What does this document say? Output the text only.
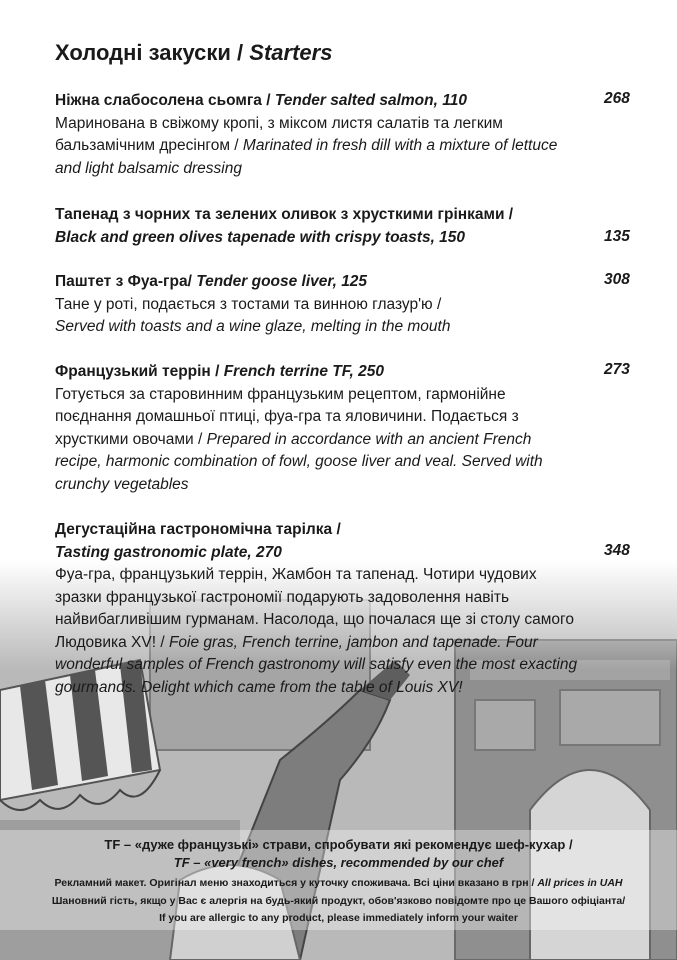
Холодні закуски / Starters
Ніжна слабосолена сьомга / Tender salted salmon, 110
Маринована в свіжому кропі, з міксом листя салатів та легким бальзамічним дресінгом / Marinated in fresh dill with a mixture of lettuce and light balsamic dressing
268
Тапенад з чорних та зелених оливок з хрусткими грінками /
Black and green olives tapenade with crispy toasts, 150	135
Паштет з Фуа-гра/ Tender goose liver, 125
Тане у роті, подається з тостами та винною глазур'ю /
Served with toasts and a wine glaze, melting in the mouth
308
Французький террін / French terrine TF, 250
Готується за старовинним французьким рецептом, гармонійне поєднання домашньої птиці, фуа-гра та яловичини. Подається з хрусткими овочами / Prepared in accordance with an ancient French recipe, harmonic combination of fowl, goose liver and veal. Served with crunchy vegetables
273
Дегустаційна гастрономічна тарілка /
Tasting gastronomic plate, 270
Фуа-гра, французький террін, Жамбон та тапенад. Чотири чудових зразки французької гастрономії подарують задоволення навіть найвибагливішим гурманам. Насолода, що почалася ще зі столу самого Людовика XV! / Foie gras, French terrine, jambon and tapenade. Four wonderful samples of French gastronomy will satisfy even the most exacting gourmands. Delight which came from the table of Louis XV!
348
TF – «дуже французькі» страви, спробувати які рекомендує шеф-кухар /
TF – «very french» dishes, recommended by our chef
Рекламний макет. Оригінал меню знаходиться у куточку споживача. Всі ціни вказано в грн / All prices in UAH
Шановний гість, якщо у Вас є алергія на будь-який продукт, обов'язково повідомте про це Вашого офіціанта/
If you are allergic to any product, please immediately inform your waiter
